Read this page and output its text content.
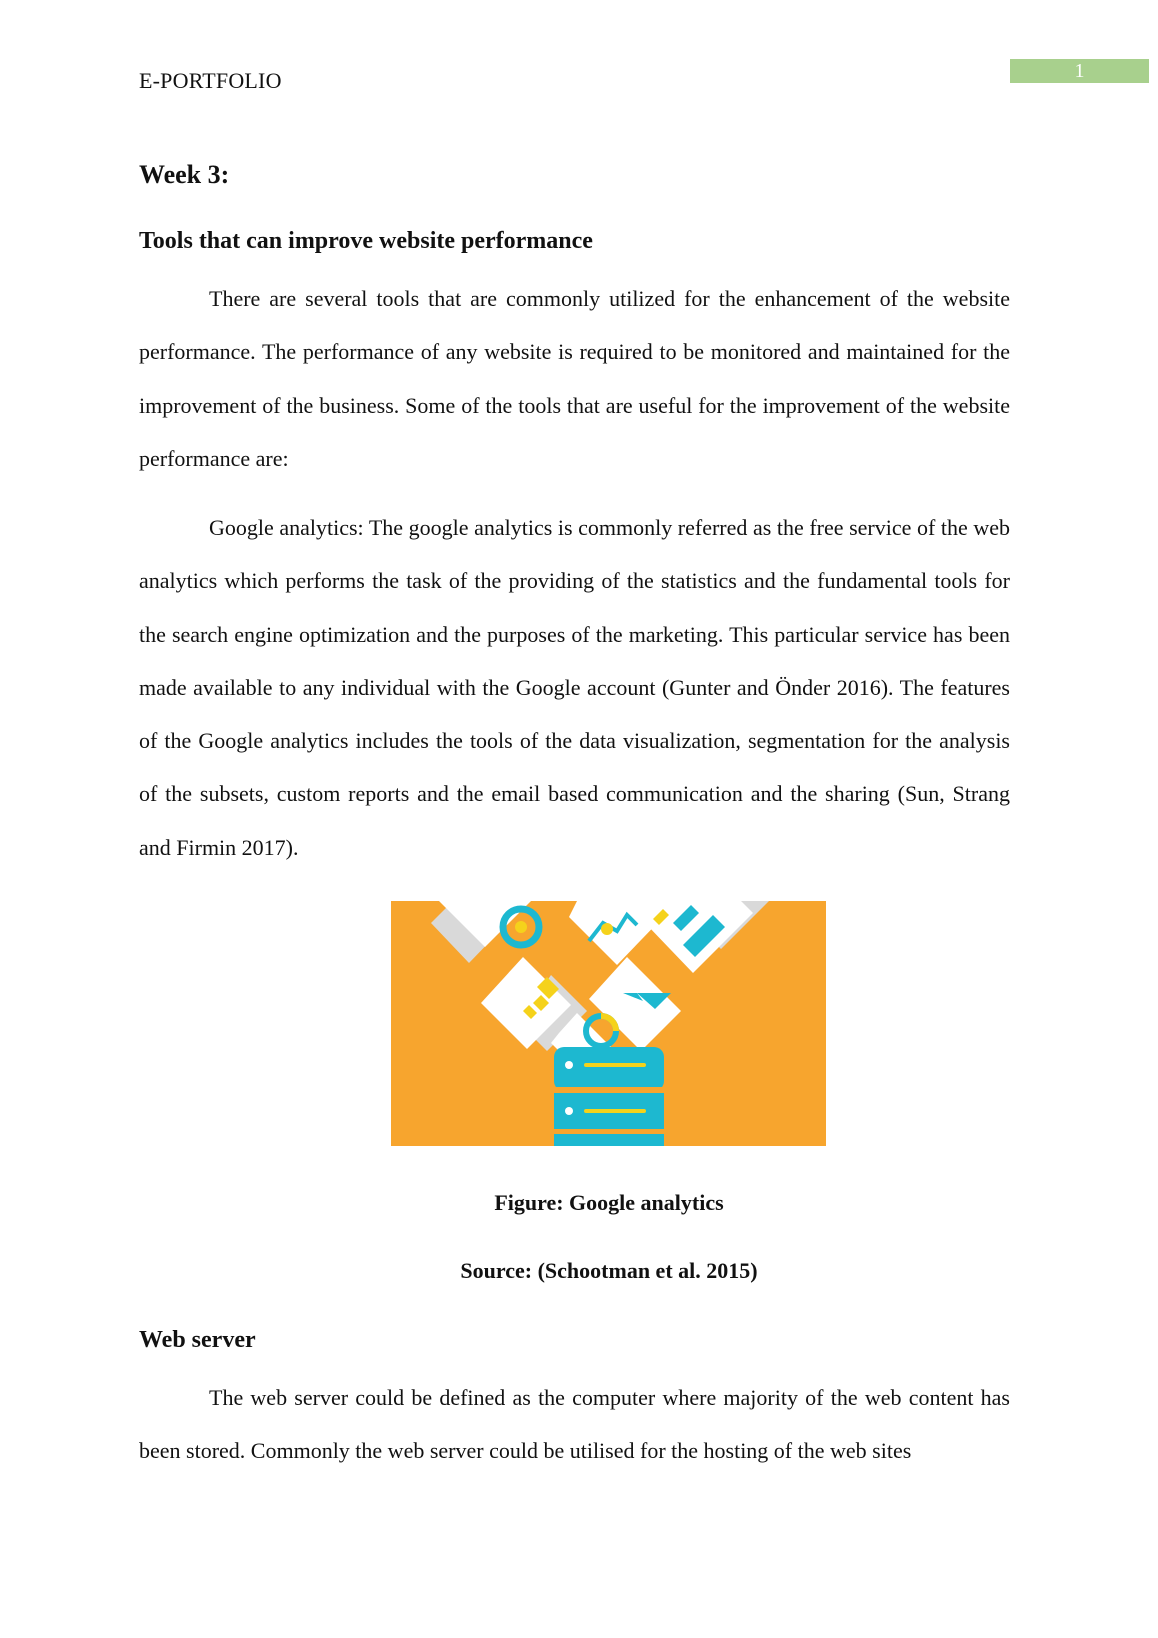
E-PORTFOLIO	1
Week 3:
Tools that can improve website performance

There are several tools that are commonly utilized for the enhancement of the website performance. The performance of any website is required to be monitored and maintained for the improvement of the business. Some of the tools that are useful for the improvement of the website performance are:

Google analytics: The google analytics is commonly referred as the free service of the web analytics which performs the task of the providing of the statistics and the fundamental tools for the search engine optimization and the purposes of the marketing. This particular service has been made available to any individual with the Google account (Gunter and Önder 2016). The features of the Google analytics includes the tools of the data visualization, segmentation for the analysis of the subsets, custom reports and the email based communication and the sharing (Sun, Strang and Firmin 2017).

Figure: Google analytics

Source: (Schootman et al. 2015)

Web server

The web server could be defined as the computer where majority of the web content has been stored. Commonly the web server could be utilised for the hosting of the web sites
